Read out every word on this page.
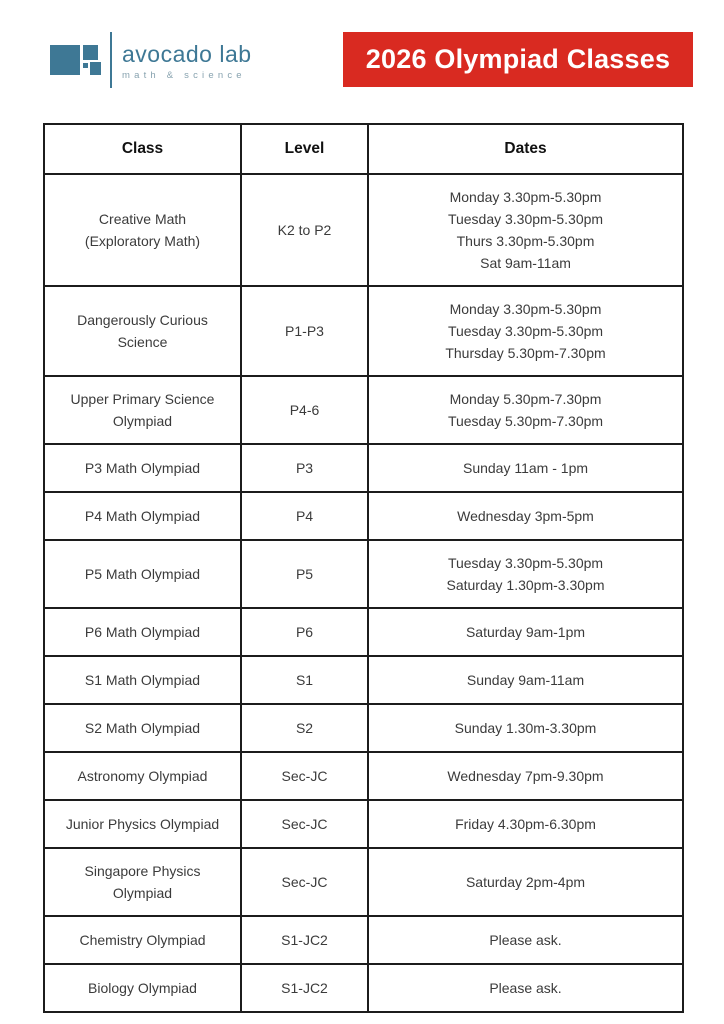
avocado lab
math & science
2026 Olympiad Classes
Class	Level	Dates

Creative Math
(Exploratory Math)
	K2 to P2	
Monday 3.30pm-5.30pm
Tuesday 3.30pm-5.30pm
Thurs 3.30pm-5.30pm
Sat 9am-11am

Dangerously Curious
Science
	P1-P3	
Monday 3.30pm-5.30pm
Tuesday 3.30pm-5.30pm
Thursday 5.30pm-7.30pm

Upper Primary Science
Olympiad
	P4-6	
Monday 5.30pm-7.30pm
Tuesday 5.30pm-7.30pm

P3 Math Olympiad	P3	Sunday 11am - 1pm

P4 Math Olympiad	P4	Wednesday 3pm-5pm

P5 Math Olympiad	P5	Tuesday 3.30pm-5.30pm
Saturday 1.30pm-3.30pm

P6 Math Olympiad	P6	Saturday 9am-1pm

S1 Math Olympiad	S1	Sunday 9am-11am

S2 Math Olympiad	S2	Sunday 1.30m-3.30pm

Astronomy Olympiad	Sec-JC	Wednesday 7pm-9.30pm

Junior Physics Olympiad	Sec-JC	Friday 4.30pm-6.30pm

Singapore Physics
Olympiad	Sec-JC	Saturday 2pm-4pm

Chemistry Olympiad	S1-JC2	Please ask.

Biology Olympiad	S1-JC2	Please ask.
